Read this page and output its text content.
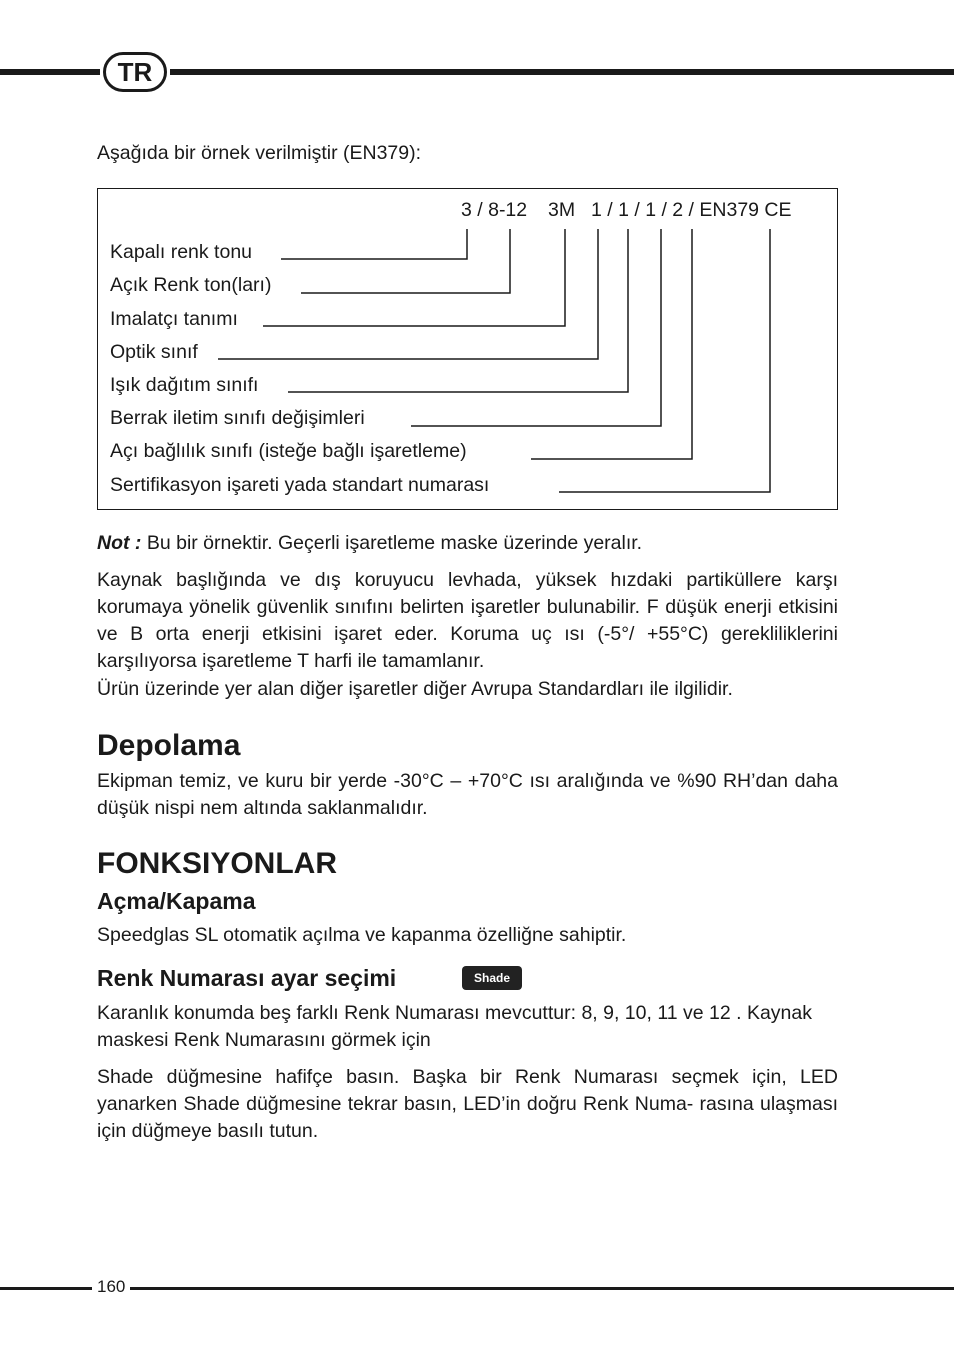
TR
Aşağıda bir örnek verilmiştir (EN379):
3 / 8-12 3M 1 / 1 / 1 / 2 / EN379 CE
Kapalı renk tonu
Açık Renk ton(ları)
Imalatçı tanımı
Optik sınıf
Işık dağıtım sınıfı
Berrak iletim sınıfı değişimleri
Açı bağlılık sınıfı (isteğe bağlı işaretleme)
Sertifikasyon işareti yada standart numarası
Not : Bu bir örnektir. Geçerli işaretleme maske üzerinde yeralır.
Kaynak başlığında ve dış koruyucu levhada, yüksek hızdaki partiküllere karşı korumaya yönelik güvenlik sınıfını belirten işaretler bulunabilir. F düşük enerji etkisini ve B orta enerji etkisini işaret eder. Koruma uç ısı (-5°/ +55°C) gerekliliklerini karşılıyorsa işaretleme T harfi ile tamamlanır.
Ürün üzerinde yer alan diğer işaretler diğer Avrupa Standardları ile ilgilidir.
Depolama
Ekipman temiz, ve kuru bir yerde -30°C – +70°C ısı aralığında ve %90 RH’dan daha düşük nispi nem altında saklanmalıdır.
FONKSIYONLAR
Açma/Kapama
Speedglas SL otomatik açılma ve kapanma özelliğne sahiptir.
Renk Numarası ayar seçimi	Shade
Karanlık konumda beş farklı Renk Numarası mevcuttur: 8, 9, 10, 11 ve 12 . Kaynak maskesi Renk Numarasını görmek için
Shade düğmesine hafifçe basın. Başka bir Renk Numarası seçmek için, LED yanarken Shade düğmesine tekrar basın, LED’in doğru Renk Numa- rasına ulaşması için düğmeye basılı tutun.
160
